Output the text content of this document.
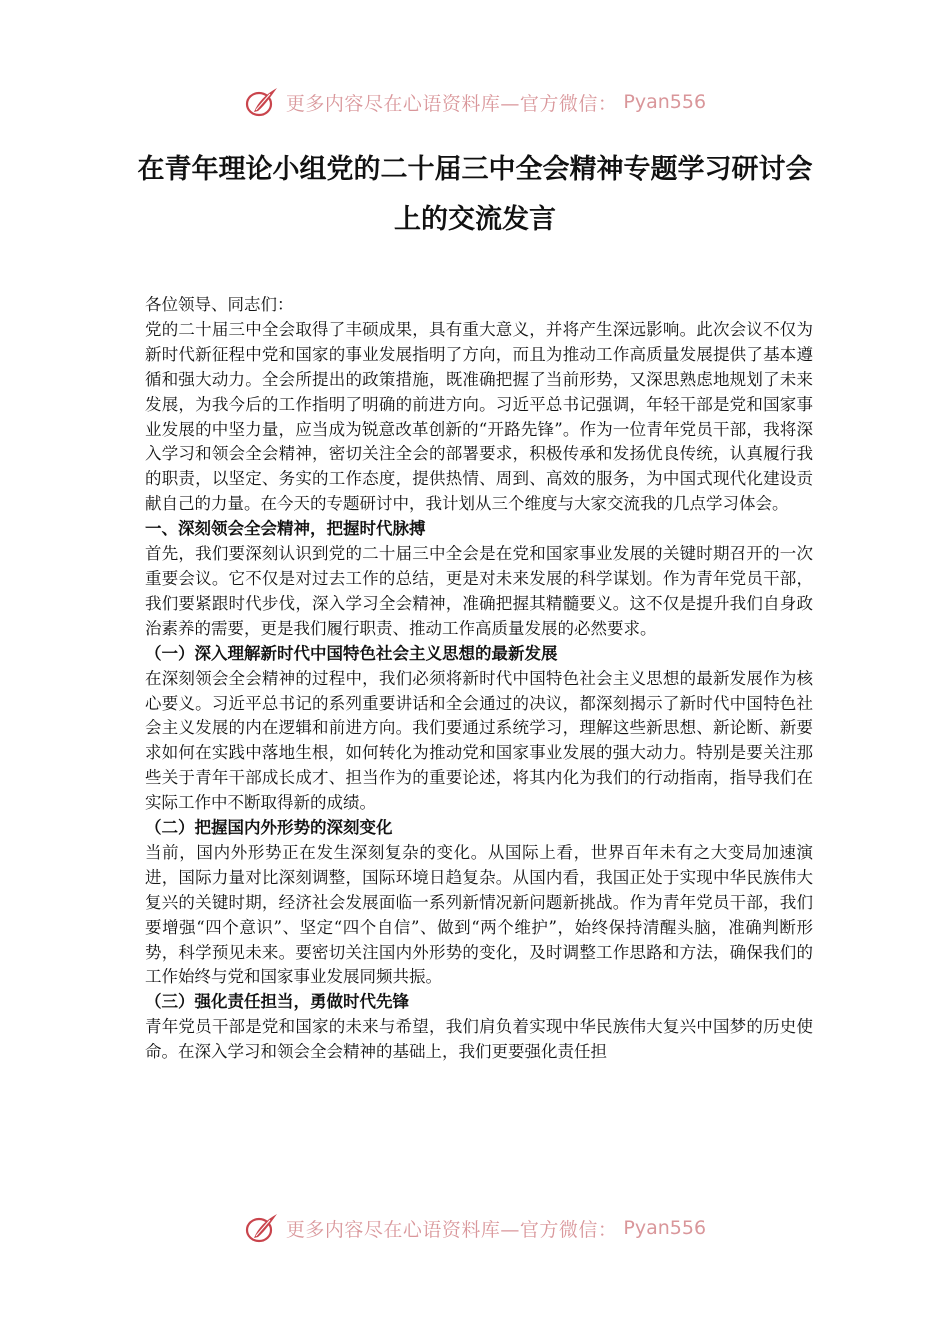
更多内容尽在心语资料库—官方微信： Pyan556
在青年理论小组党的二十届三中全会精神专题学习研讨会上的交流发言

各位领导、同志们：

党的二十届三中全会取得了丰硕成果，具有重大意义，并将产生深远影响。此次会议不仅为新时代新征程中党和国家的事业发展指明了方向，而且为推动工作高质量发展提供了基本遵循和强大动力。全会所提出的政策措施，既准确把握了当前形势，又深思熟虑地规划了未来发展，为我今后的工作指明了明确的前进方向。习近平总书记强调，年轻干部是党和国家事业发展的中坚力量，应当成为锐意改革创新的“开路先锋”。作为一位青年党员干部，我将深入学习和领会全会精神，密切关注全会的部署要求，积极传承和发扬优良传统，认真履行我的职责，以坚定、务实的工作态度，提供热情、周到、高效的服务，为中国式现代化建设贡献自己的力量。在今天的专题研讨中，我计划从三个维度与大家交流我的几点学习体会。

一、深刻领会全会精神，把握时代脉搏

首先，我们要深刻认识到党的二十届三中全会是在党和国家事业发展的关键时期召开的一次重要会议。它不仅是对过去工作的总结，更是对未来发展的科学谋划。作为青年党员干部，我们要紧跟时代步伐，深入学习全会精神，准确把握其精髓要义。这不仅是提升我们自身政治素养的需要，更是我们履行职责、推动工作高质量发展的必然要求。

（一）深入理解新时代中国特色社会主义思想的最新发展

在深刻领会全会精神的过程中，我们必须将新时代中国特色社会主义思想的最新发展作为核心要义。习近平总书记的系列重要讲话和全会通过的决议，都深刻揭示了新时代中国特色社会主义发展的内在逻辑和前进方向。我们要通过系统学习，理解这些新思想、新论断、新要求如何在实践中落地生根，如何转化为推动党和国家事业发展的强大动力。特别是要关注那些关于青年干部成长成才、担当作为的重要论述，将其内化为我们的行动指南，指导我们在实际工作中不断取得新的成绩。

（二）把握国内外形势的深刻变化

当前，国内外形势正在发生深刻复杂的变化。从国际上看，世界百年未有之大变局加速演进，国际力量对比深刻调整，国际环境日趋复杂。从国内看，我国正处于实现中华民族伟大复兴的关键时期，经济社会发展面临一系列新情况新问题新挑战。作为青年党员干部，我们要增强“四个意识”、坚定“四个自信”、做到“两个维护”，始终保持清醒头脑，准确判断形势，科学预见未来。要密切关注国内外形势的变化，及时调整工作思路和方法，确保我们的工作始终与党和国家事业发展同频共振。

（三）强化责任担当，勇做时代先锋

青年党员干部是党和国家的未来与希望，我们肩负着实现中华民族伟大复兴中国梦的历史使命。在深入学习和领会全会精神的基础上，我们更要强化责任担

更多内容尽在心语资料库—官方微信： Pyan556
